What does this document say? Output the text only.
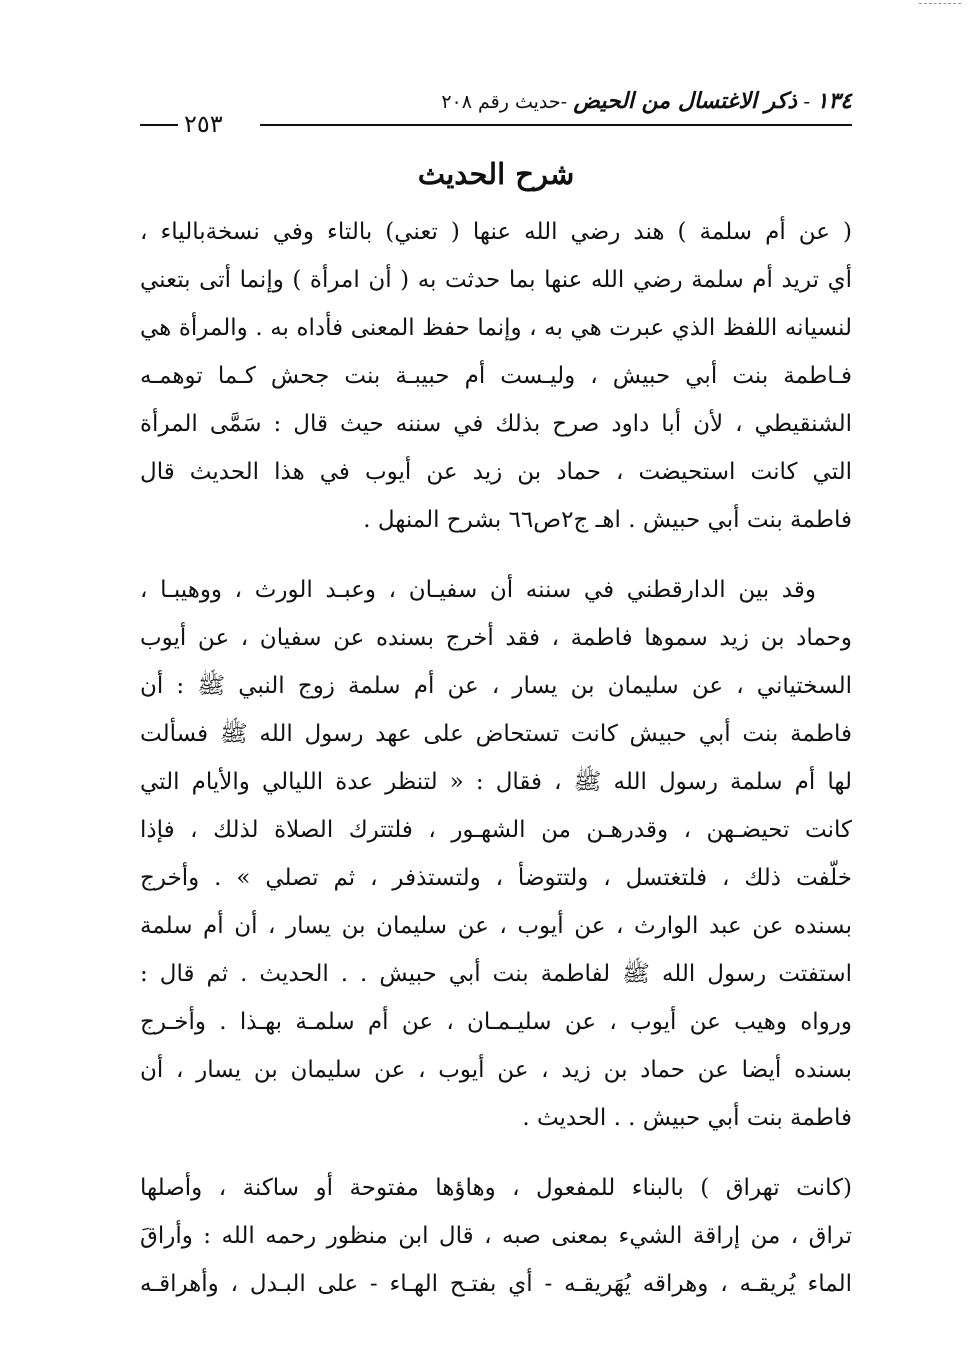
١٣٤ - ذكر الاغتسال من الحيض -حديث رقم ٢٠٨
٢٥٣
شرح الحديث

( عن أم سلمة ) هند رضي الله عنها ( تعني) بالتاء وفي نسخةبالياء ،
أي تريد أم سلمة رضي الله عنها بما حدثت به ( أن امرأة ) وإنما أتى بتعني
لنسيانه اللفظ الذي عبرت هي به ، وإنما حفظ المعنى فأداه به . والمرأة هي
فـاطمة بنت أبي حبيش ، وليـست أم حبيبـة بنت جحش كـما توهمـه
الشنقيطي ، لأن أبا داود صرح بذلك في سننه حيث قال : سَمَّى المرأة
التي كانت استحيضت ، حماد بن زيد عن أيوب في هذا الحديث قال
فاطمة بنت أبي حبيش . اهـ ج٢ص٦٦ بشرح المنهل .

وقد بين الدارقطني في سننه أن سفيـان ، وعبـد الورث ، ووهيبـا ،
وحماد بن زيد سموها فاطمة ، فقد أخرج بسنده عن سفيان ، عن أيوب
السختياني ، عن سليمان بن يسار ، عن أم سلمة زوج النبي ﷺ : أن
فاطمة بنت أبي حبيش كانت تستحاض على عهد رسول الله ﷺ فسألت
لها أم سلمة رسول الله ﷺ ، فقال : « لتنظر عدة الليالي والأيام التي
كانت تحيضـهن ، وقدرهـن من الشهـور ، فلتترك الصلاة لذلك ، فإذا
خلّفت ذلك ، فلتغتسل ، ولتتوضأ ، ولتستذفر ، ثم تصلي » . وأخرج
بسنده عن عبد الوارث ، عن أيوب ، عن سليمان بن يسار ، أن أم سلمة
استفتت رسول الله ﷺ لفاطمة بنت أبي حبيش . . الحديث . ثم قال :
ورواه وهيب عن أيوب ، عن سليـمـان ، عن أم سلمـة بهـذا . وأخـرج
بسنده أيضا عن حماد بن زيد ، عن أيوب ، عن سليمان بن يسار ، أن
فاطمة بنت أبي حبيش . . الحديث .

(كانت تهراق ) بالبناء للمفعول ، وهاؤها مفتوحة أو ساكنة ، وأصلها
تراق ، من إراقة الشيء بمعنى صبه ، قال ابن منظور رحمه الله : وأراقَ
الماء يُريقـه ، وهراقه يُهَريقـه - أي بفتـح الهـاء - على البـدل ، وأهراقـه
